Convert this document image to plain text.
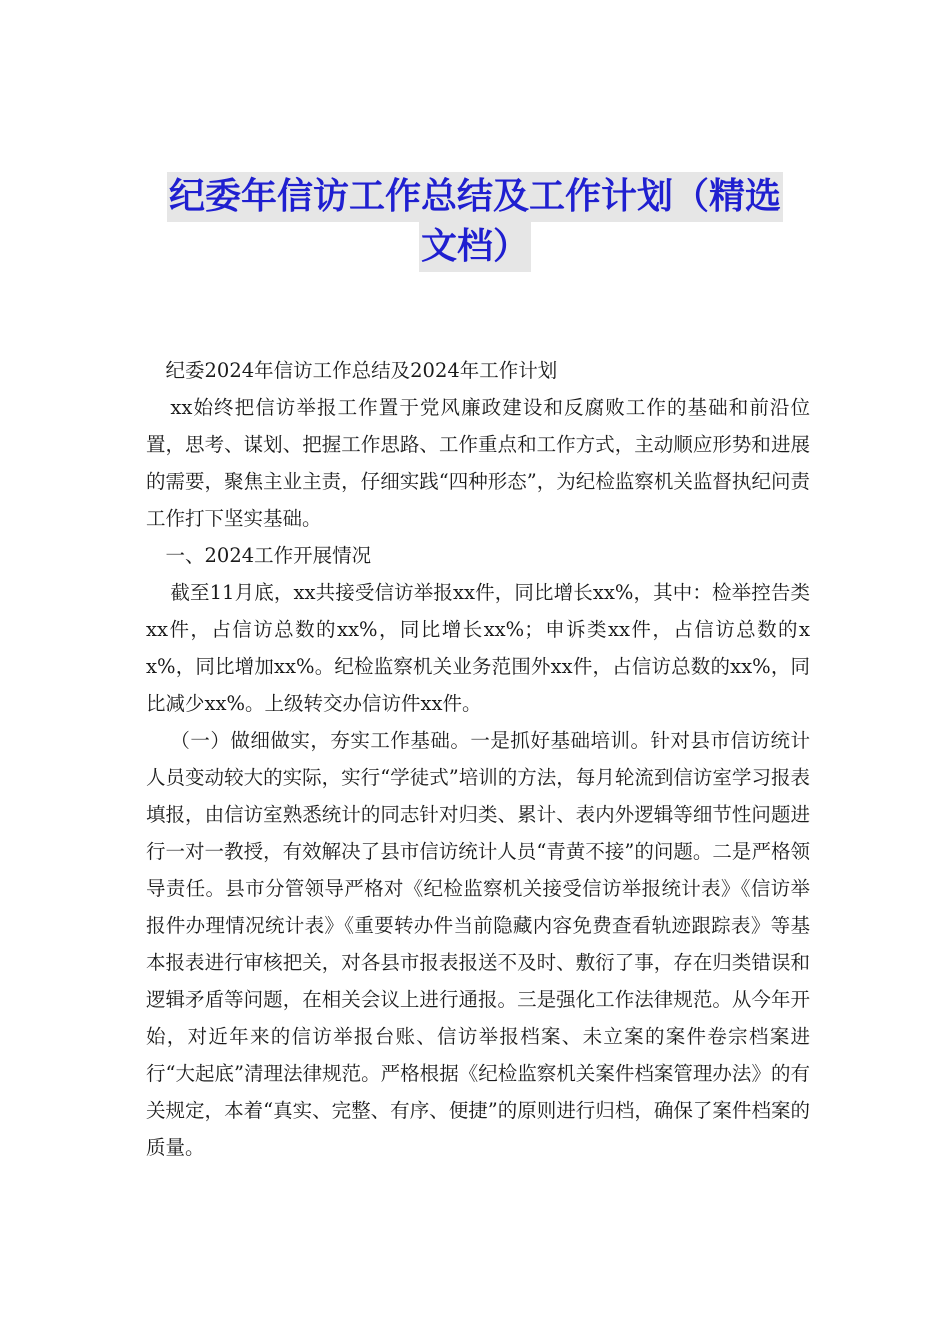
纪委年信访工作总结及工作计划（精选
文档）

纪委2024年信访工作总结及2024年工作计划

xx始终把信访举报工作置于党风廉政建设和反腐败工作的基础和前沿位置，思考、谋划、把握工作思路、工作重点和工作方式，主动顺应形势和进展的需要，聚焦主业主责，仔细实践“四种形态”，为纪检监察机关监督执纪问责工作打下坚实基础。

一、2024工作开展情况

截至11月底，xx共接受信访举报xx件，同比增长xx%，其中：检举控告类xx件，占信访总数的xx%，同比增长xx%；申诉类xx件，占信访总数的xx%，同比增加xx%。纪检监察机关业务范围外xx件，占信访总数的xx%，同比减少xx%。上级转交办信访件xx件。

（一）做细做实，夯实工作基础。一是抓好基础培训。针对县市信访统计人员变动较大的实际，实行“学徒式”培训的方法，每月轮流到信访室学习报表填报，由信访室熟悉统计的同志针对归类、累计、表内外逻辑等细节性问题进行一对一教授，有效解决了县市信访统计人员“青黄不接”的问题。二是严格领导责任。县市分管领导严格对《纪检监察机关接受信访举报统计表》《信访举报件办理情况统计表》《重要转办件当前隐藏内容免费查看轨迹跟踪表》等基本报表进行审核把关，对各县市报表报送不及时、敷衍了事，存在归类错误和逻辑矛盾等问题，在相关会议上进行通报。三是强化工作法律规范。从今年开始，对近年来的信访举报台账、信访举报档案、未立案的案件卷宗档案进行“大起底”清理法律规范。严格根据《纪检监察机关案件档案管理办法》的有关规定，本着“真实、完整、有序、便捷”的原则进行归档，确保了案件档案的质量。
